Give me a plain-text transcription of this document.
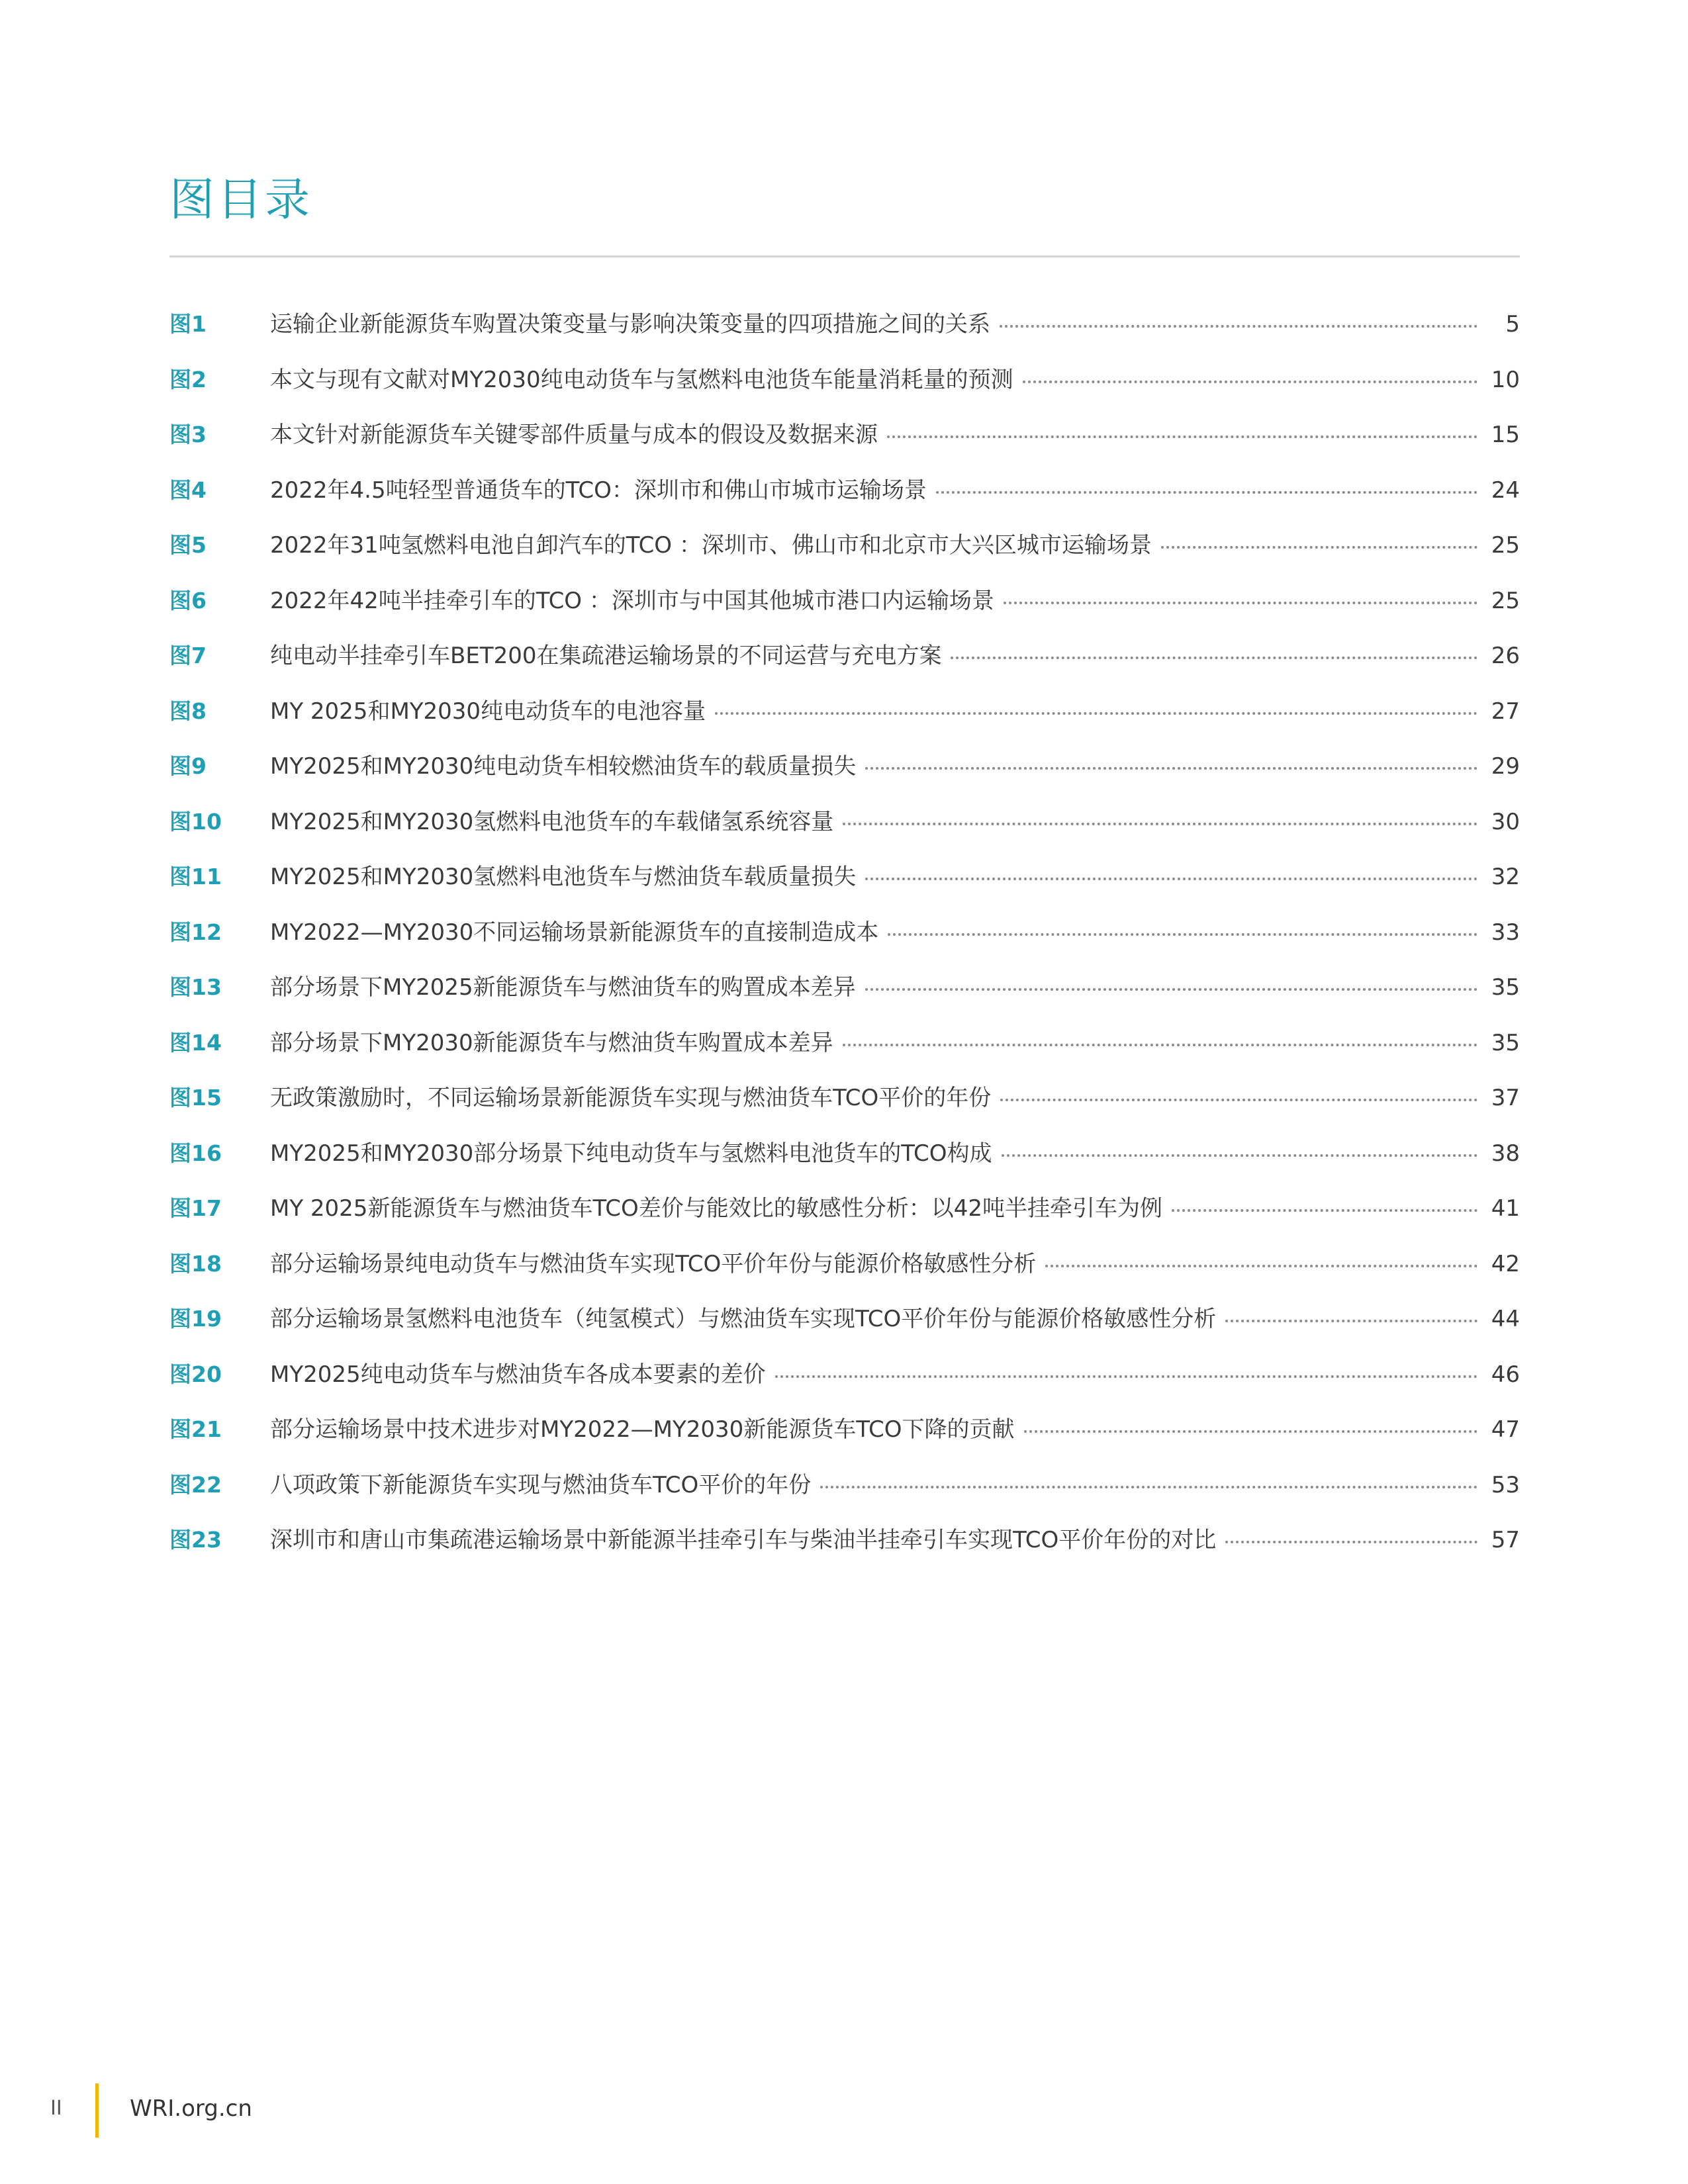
图目录
图1	运输企业新能源货车购置决策变量与影响决策变量的四项措施之间的关系	5
图2	本文与现有文献对MY2030纯电动货车与氢燃料电池货车能量消耗量的预测	10
图3	本文针对新能源货车关键零部件质量与成本的假设及数据来源	15
图4	2022年4.5吨轻型普通货车的TCO：深圳市和佛山市城市运输场景	24
图5	2022年31吨氢燃料电池自卸汽车的TCO ：深圳市、佛山市和北京市大兴区城市运输场景	25
图6	2022年42吨半挂牵引车的TCO ：深圳市与中国其他城市港口内运输场景	25
图7	纯电动半挂牵引车BET200在集疏港运输场景的不同运营与充电方案	26
图8	MY 2025和MY2030纯电动货车的电池容量	27
图9	MY2025和MY2030纯电动货车相较燃油货车的载质量损失	29
图10	MY2025和MY2030氢燃料电池货车的车载储氢系统容量	30
图11	MY2025和MY2030氢燃料电池货车与燃油货车载质量损失	32
图12	MY2022—MY2030不同运输场景新能源货车的直接制造成本	33
图13	部分场景下MY2025新能源货车与燃油货车的购置成本差异	35
图14	部分场景下MY2030新能源货车与燃油货车购置成本差异	35
图15	无政策激励时，不同运输场景新能源货车实现与燃油货车TCO平价的年份	37
图16	MY2025和MY2030部分场景下纯电动货车与氢燃料电池货车的TCO构成	38
图17	MY 2025新能源货车与燃油货车TCO差价与能效比的敏感性分析：以42吨半挂牵引车为例	41
图18	部分运输场景纯电动货车与燃油货车实现TCO平价年份与能源价格敏感性分析	42
图19	部分运输场景氢燃料电池货车（纯氢模式）与燃油货车实现TCO平价年份与能源价格敏感性分析	44
图20	MY2025纯电动货车与燃油货车各成本要素的差价	46
图21	部分运输场景中技术进步对MY2022—MY2030新能源货车TCO下降的贡献	47
图22	八项政策下新能源货车实现与燃油货车TCO平价的年份	53
图23	深圳市和唐山市集疏港运输场景中新能源半挂牵引车与柴油半挂牵引车实现TCO平价年份的对比	57
II	WRI.org.cn
